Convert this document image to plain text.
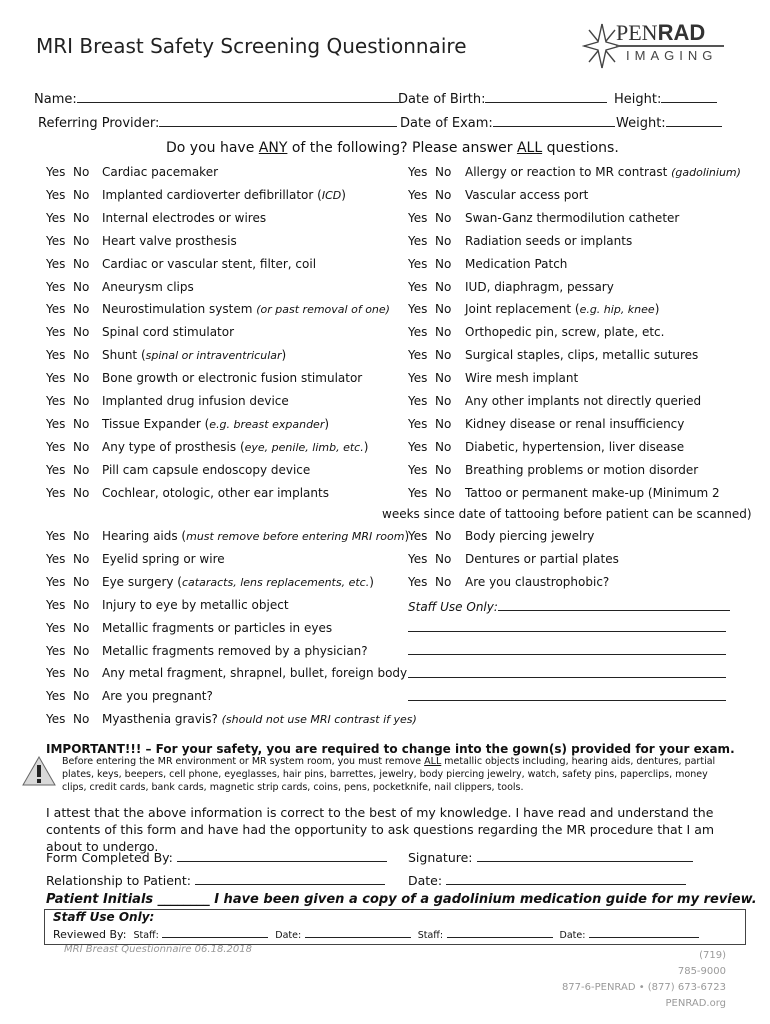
MRI Breast Safety Screening Questionnaire
PENRAD
IMAGING
Name:	Date of Birth:	Height:
Referring Provider:	Date of Exam:	Weight:
Do you have ANY of the following? Please answer ALL questions.
Yes No Cardiac pacemaker
Yes No Implanted cardioverter defibrillator (ICD)
Yes No Internal electrodes or wires
Yes No Heart valve prosthesis
Yes No Cardiac or vascular stent, filter, coil
Yes No Aneurysm clips
Yes No Neurostimulation system (or past removal of one)
Yes No Spinal cord stimulator
Yes No Shunt (spinal or intraventricular)
Yes No Bone growth or electronic fusion stimulator
Yes No Implanted drug infusion device
Yes No Tissue Expander (e.g. breast expander)
Yes No Any type of prosthesis (eye, penile, limb, etc.)
Yes No Pill cam capsule endoscopy device
Yes No Cochlear, otologic, other ear implants
Yes No Hearing aids (must remove before entering MRI room)
Yes No Eyelid spring or wire
Yes No Eye surgery (cataracts, lens replacements, etc.)
Yes No Injury to eye by metallic object
Yes No Metallic fragments or particles in eyes
Yes No Metallic fragments removed by a physician?
Yes No Any metal fragment, shrapnel, bullet, foreign body
Yes No Are you pregnant?
Yes No Myasthenia gravis? (should not use MRI contrast if yes)
Yes No Allergy or reaction to MR contrast (gadolinium)
Yes No Vascular access port
Yes No Swan-Ganz thermodilution catheter
Yes No Radiation seeds or implants
Yes No Medication Patch
Yes No IUD, diaphragm, pessary
Yes No Joint replacement (e.g. hip, knee)
Yes No Orthopedic pin, screw, plate, etc.
Yes No Surgical staples, clips, metallic sutures
Yes No Wire mesh implant
Yes No Any other implants not directly queried
Yes No Kidney disease or renal insufficiency
Yes No Diabetic, hypertension, liver disease
Yes No Breathing problems or motion disorder
Yes No Tattoo or permanent make-up (Minimum 2
Yes No Body piercing jewelry
Yes No Dentures or partial plates
Yes No Are you claustrophobic?
weeks since date of tattooing before patient can be scanned)
Staff Use Only:
IMPORTANT!!! – For your safety, you are required to change into the gown(s) provided for your exam.
Before entering the MR environment or MR system room, you must remove ALL metallic objects including, hearing aids, dentures, partial plates, keys, beepers, cell phone, eyeglasses, hair pins, barrettes, jewelry, body piercing jewelry, watch, safety pins, paperclips, money clips, credit cards, bank cards, magnetic strip cards, coins, pens, pocketknife, nail clippers, tools.
I attest that the above information is correct to the best of my knowledge. I have read and understand the contents of this form and have had the opportunity to ask questions regarding the MR procedure that I am about to undergo.
Form Completed By:	Signature:
Relationship to Patient:	Date:
Patient Initials ________ I have been given a copy of a gadolinium medication guide for my review.
Staff Use Only:
Reviewed By: Staff:	Date:	Staff:	Date:
MRI Breast Questionnaire 06.18.2018
(719)
785-9000
877-6-PENRAD • (877) 673-6723
PENRAD.org
